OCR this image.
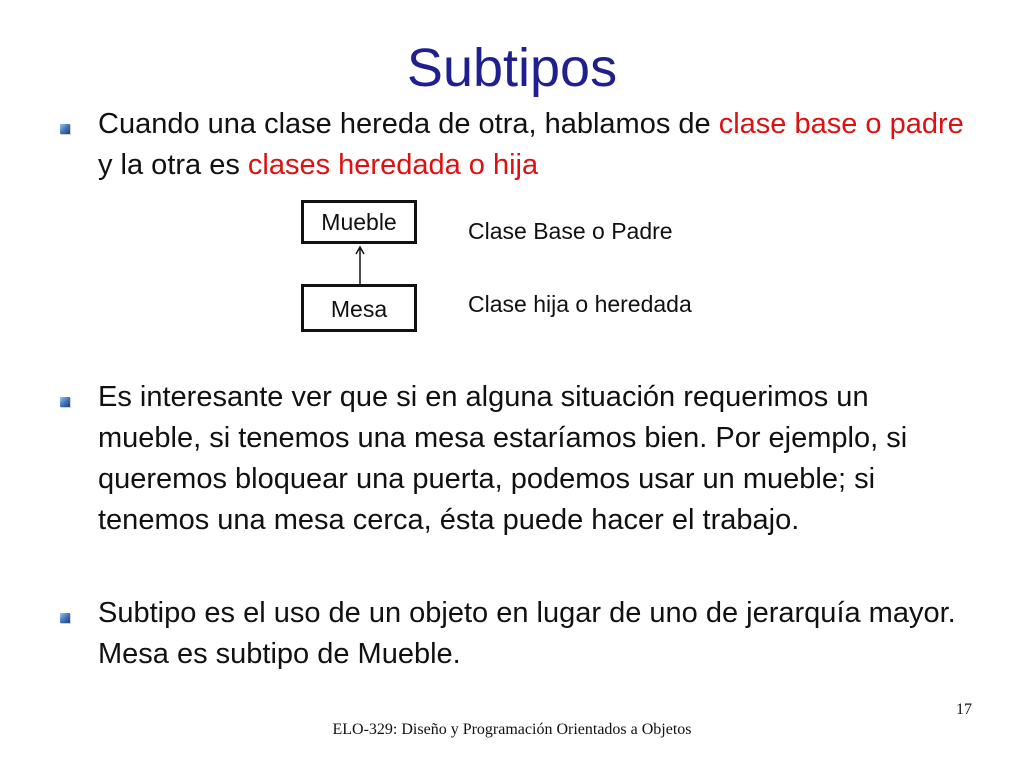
Subtipos
Cuando una clase hereda de otra, hablamos de clase base o padre y la otra es clases heredada o hija
Mueble
Mesa
Clase Base o Padre
Clase hija o heredada
Es interesante ver que si en alguna situación requerimos un mueble, si tenemos una mesa estaríamos bien. Por ejemplo, si queremos bloquear una puerta, podemos usar un mueble; si tenemos una mesa cerca, ésta puede hacer el trabajo.
Subtipo es el uso de un objeto en lugar de uno de jerarquía mayor. Mesa es subtipo de Mueble.
17
ELO-329: Diseño y Programación Orientados a Objetos
